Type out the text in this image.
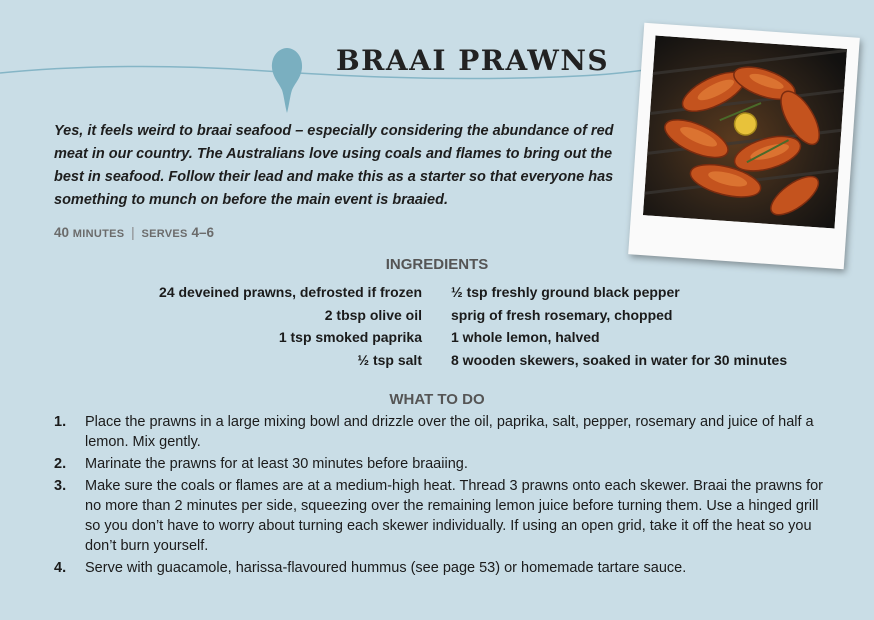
BRAAI PRAWNS

Yes, it feels weird to braai seafood – especially considering the abundance of red meat in our country. The Australians love using coals and flames to bring out the best in seafood. Follow their lead and make this as a starter so that everyone has something to munch on before the main event is braaied.

40 MINUTES | SERVES 4–6
INGREDIENTS
24 deveined prawns, defrosted if frozen
2 tbsp olive oil
1 tsp smoked paprika
½ tsp salt
½ tsp freshly ground black pepper
sprig of fresh rosemary, chopped
1 whole lemon, halved
8 wooden skewers, soaked in water for 30 minutes
WHAT TO DO
1. Place the prawns in a large mixing bowl and drizzle over the oil, paprika, salt, pepper, rosemary and juice of half a lemon. Mix gently.
2. Marinate the prawns for at least 30 minutes before braaiing.
3. Make sure the coals or flames are at a medium-high heat. Thread 3 prawns onto each skewer. Braai the prawns for no more than 2 minutes per side, squeezing over the remaining lemon juice before turning them. Use a hinged grill so you don’t have to worry about turning each skewer individually. If using an open grid, take it off the heat so you don’t burn yourself.
4. Serve with guacamole, harissa-flavoured hummus (see page 53) or homemade tartare sauce.
